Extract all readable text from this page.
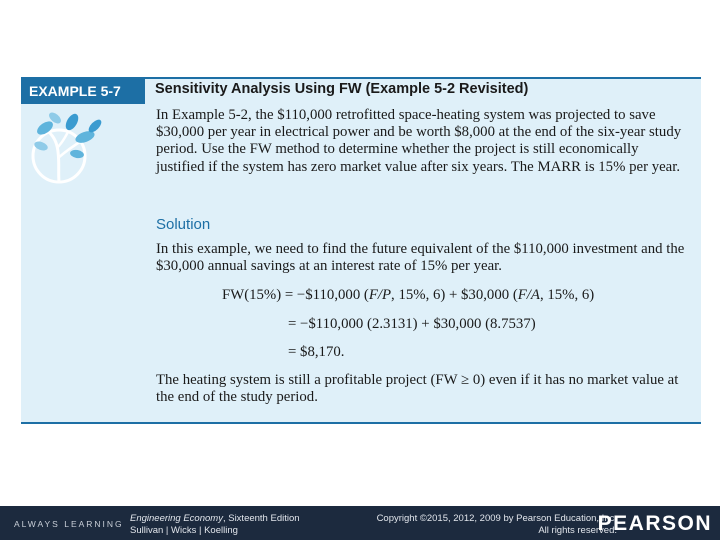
EXAMPLE 5-7	Sensitivity Analysis Using FW (Example 5-2 Revisited)

In Example 5-2, the $110,000 retrofitted space-heating system was projected to save $30,000 per year in electrical power and be worth $8,000 at the end of the six-year study period. Use the FW method to determine whether the project is still economically justified if the system has zero market value after six years. The MARR is 15% per year.

Solution

In this example, we need to find the future equivalent of the $110,000 investment and the $30,000 annual savings at an interest rate of 15% per year.

FW(15%) = −$110,000 (F/P, 15%, 6) + $30,000 (F/A, 15%, 6)
= −$110,000 (2.3131) + $30,000 (8.7537)
= $8,170.

The heating system is still a profitable project (FW ≥ 0) even if it has no market value at the end of the study period.

ALWAYS LEARNING Engineering Economy, Sixteenth Edition
Sullivan | Wicks | Koelling
Copyright ©2015, 2012, 2009 by Pearson Education, Inc.
All rights reserved.
PEARSON
